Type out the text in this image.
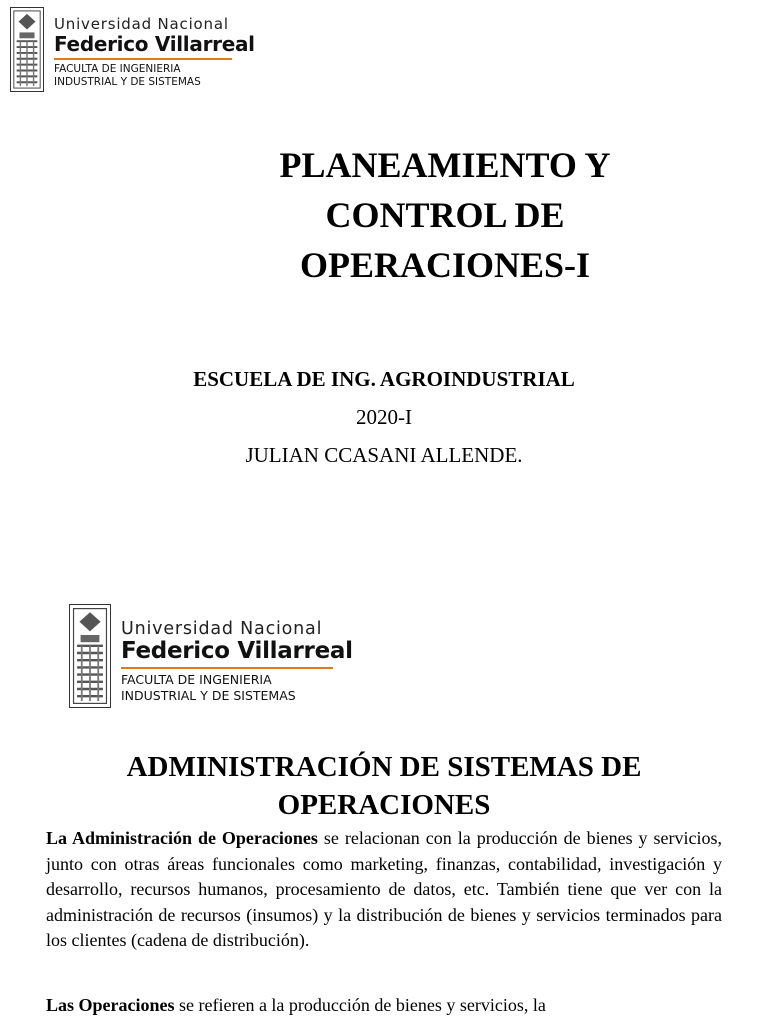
Universidad Nacional
Federico Villarreal
FACULTA DE INGENIERIA
INDUSTRIAL Y DE SISTEMAS
PLANEAMIENTO Y
CONTROL DE
OPERACIONES-I

ESCUELA DE ING. AGROINDUSTRIAL

2020-I

JULIAN CCASANI ALLENDE.

Universidad Nacional
Federico Villarreal
FACULTA DE INGENIERIA
INDUSTRIAL Y DE SISTEMAS
ADMINISTRACIÓN DE SISTEMAS DE
OPERACIONES

La Administración de Operaciones se relacionan con la producción de bienes y servicios, junto con otras áreas funcionales como marketing, finanzas, contabilidad, investigación y desarrollo, recursos humanos, procesamiento de datos, etc. También tiene que ver con la administración de recursos (insumos) y la distribución de bienes y servicios terminados para los clientes (cadena de distribución).

Las Operaciones se refieren a la producción de bienes y servicios, la
